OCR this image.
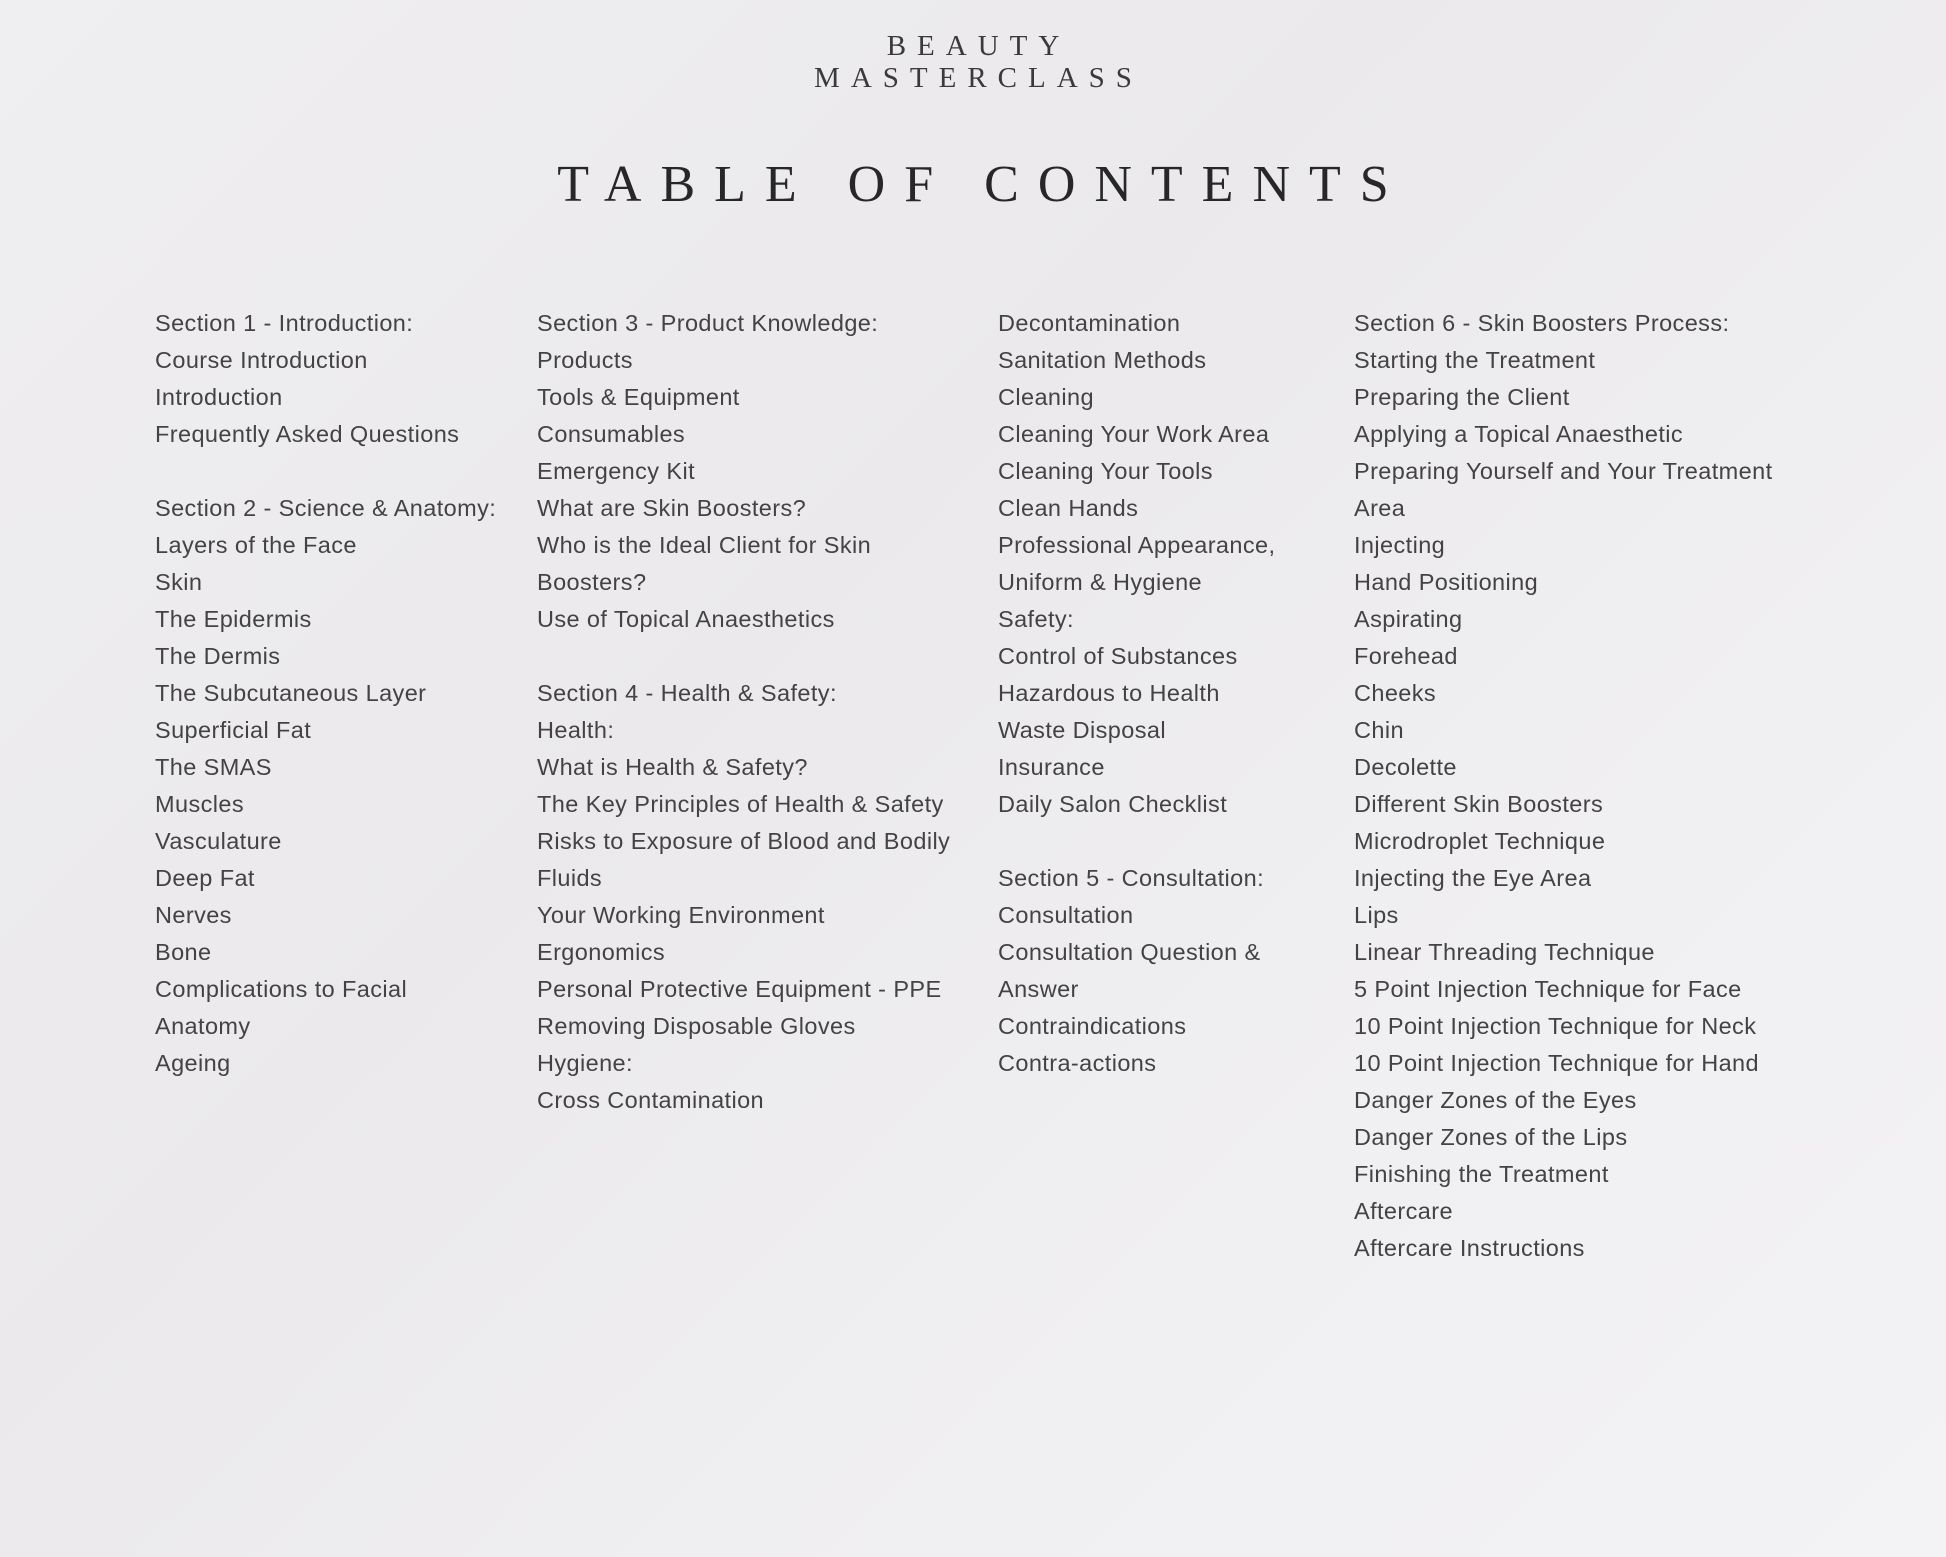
BEAUTY
MASTERCLASS
TABLE OF CONTENTS
Section 1 - Introduction:
Course Introduction
Introduction
Frequently Asked Questions
Section 2 - Science & Anatomy:
Layers of the Face
Skin
The Epidermis
The Dermis
The Subcutaneous Layer
Superficial Fat
The SMAS
Muscles
Vasculature
Deep Fat
Nerves
Bone
Complications to Facial
Anatomy
Ageing
Section 3 - Product Knowledge:
Products
Tools & Equipment
Consumables
Emergency Kit
What are Skin Boosters?
Who is the Ideal Client for Skin
Boosters?
Use of Topical Anaesthetics
Section 4 - Health & Safety:
Health:
What is Health & Safety?
The Key Principles of Health & Safety
Risks to Exposure of Blood and Bodily
Fluids
Your Working Environment
Ergonomics
Personal Protective Equipment - PPE
Removing Disposable Gloves
Hygiene:
Cross Contamination
Decontamination
Sanitation Methods
Cleaning
Cleaning Your Work Area
Cleaning Your Tools
Clean Hands
Professional Appearance,
Uniform & Hygiene
Safety:
Control of Substances
Hazardous to Health
Waste Disposal
Insurance
Daily Salon Checklist
Section 5 - Consultation:
Consultation
Consultation Question &
Answer
Contraindications
Contra-actions
Section 6 - Skin Boosters Process:
Starting the Treatment
Preparing the Client
Applying a Topical Anaesthetic
Preparing Yourself and Your Treatment
Area
Injecting
Hand Positioning
Aspirating
Forehead
Cheeks
Chin
Decolette
Different Skin Boosters
Microdroplet Technique
Injecting the Eye Area
Lips
Linear Threading Technique
5 Point Injection Technique for Face
10 Point Injection Technique for Neck
10 Point Injection Technique for Hand
Danger Zones of the Eyes
Danger Zones of the Lips
Finishing the Treatment
Aftercare
Aftercare Instructions
